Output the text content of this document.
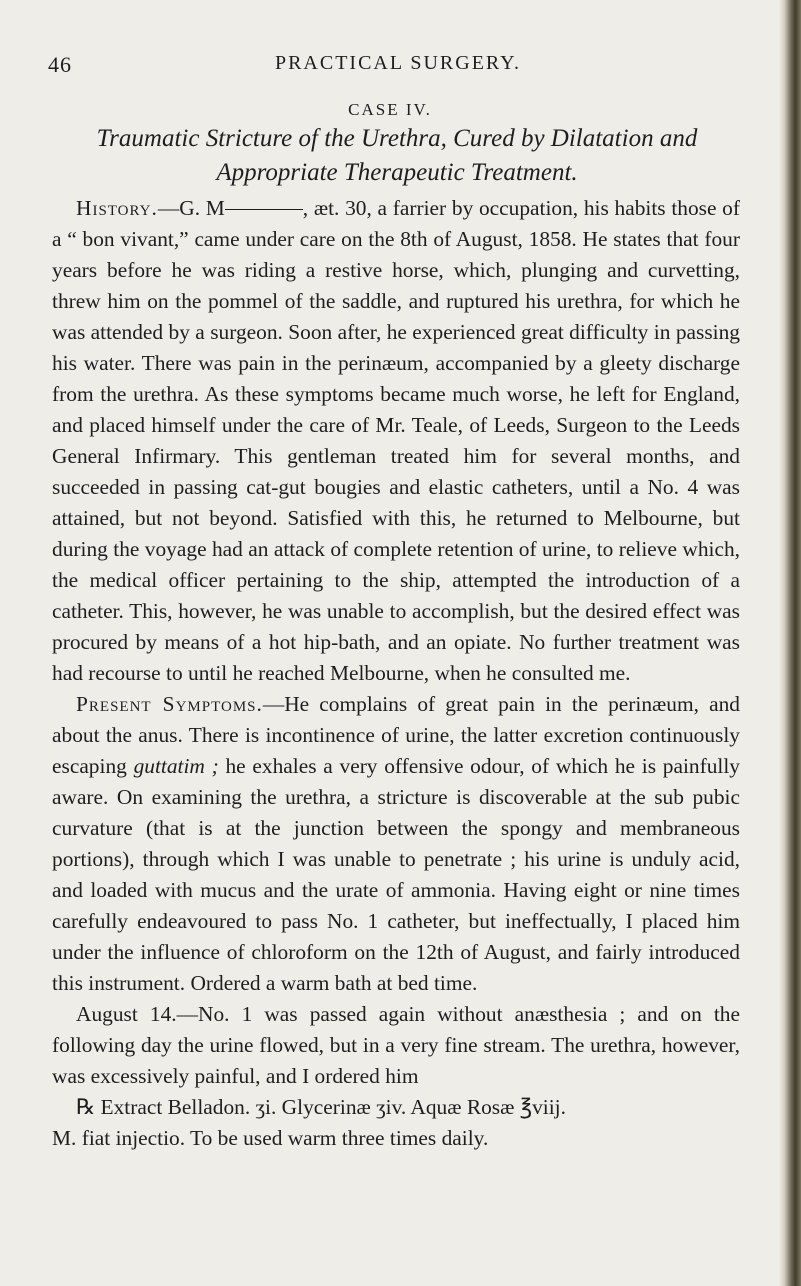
46	PRACTICAL SURGERY.
CASE IV.
Traumatic Stricture of the Urethra, Cured by Dilatation and Appropriate Therapeutic Treatment.

History.—G. M	, æt. 30, a farrier by occupation, his habits those of a “ bon vivant,” came under care on the 8th of August, 1858. He states that four years before he was riding a restive horse, which, plunging and curvetting, threw him on the pommel of the saddle, and ruptured his urethra, for which he was attended by a surgeon. Soon after, he experienced great difficulty in passing his water. There was pain in the perinæum, accompanied by a gleety discharge from the urethra. As these symptoms became much worse, he left for England, and placed himself under the care of Mr. Teale, of Leeds, Surgeon to the Leeds General Infirmary. This gentleman treated him for several months, and succeeded in passing cat-gut bougies and elastic catheters, until a No. 4 was attained, but not beyond. Satisfied with this, he returned to Melbourne, but during the voyage had an attack of complete retention of urine, to relieve which, the medical officer pertaining to the ship, attempted the introduction of a catheter. This, however, he was unable to accomplish, but the desired effect was procured by means of a hot hip-bath, and an opiate. No further treatment was had recourse to until he reached Melbourne, when he consulted me.

Present Symptoms.—He complains of great pain in the perinæum, and about the anus. There is incontinence of urine, the latter excretion continuously escaping guttatim ; he exhales a very offensive odour, of which he is painfully aware. On examining the urethra, a stricture is discoverable at the sub pubic curvature (that is at the junction between the spongy and membraneous portions), through which I was unable to penetrate ; his urine is unduly acid, and loaded with mucus and the urate of ammonia. Having eight or nine times carefully endeavoured to pass No. 1 catheter, but ineffectually, I placed him under the influence of chloroform on the 12th of August, and fairly introduced this instrument. Ordered a warm bath at bed time.

August 14.—No. 1 was passed again without anæsthesia ; and on the following day the urine flowed, but in a very fine stream. The urethra, however, was excessively painful, and I ordered him

℞ Extract Belladon. ʒi. Glycerinæ ʒiv. Aquæ Rosæ ℥viij.

M. fiat injectio. To be used warm three times daily.
